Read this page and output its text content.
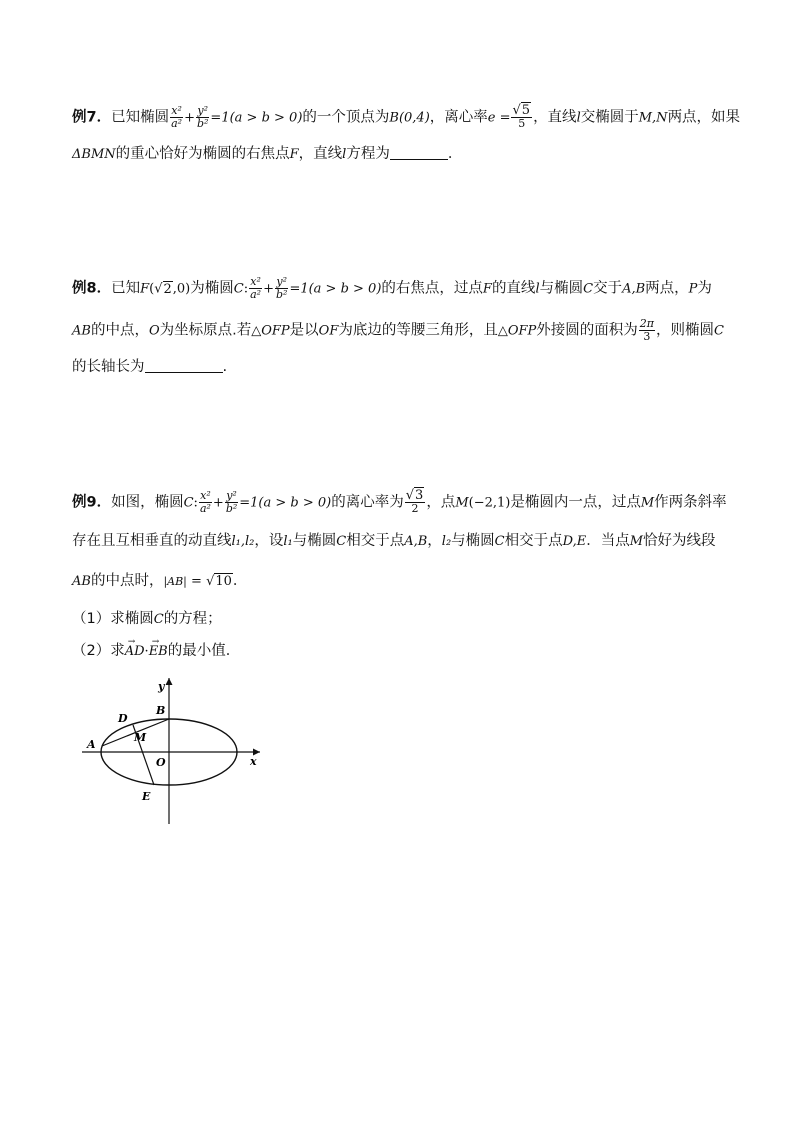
例7．已知椭圆 $\frac{\text{x²}}{\text{a²}} + \frac{\text{y²}}{\text{b²}} =1(a > b > 0)$的一个顶点为B(0,4)，离心率$e = \frac{√5}{5}$ ，直线l交椭圆于M,N两点，如果
ΔBMN的重心恰好为椭圆的右焦点F，直线l方程为	．
例8．已知F(√2,0)为椭圆C: $\frac{\text{x²}}{\text{a²}} + \frac{\text{y²}}{\text{b²}} =1(a > b > 0)$的右焦点，过点F的直线l与椭圆C交于A,B两点，P为
AB的中点，O为坐标原点.若△OFP是以OF为底边的等腰三角形，且△OFP外接圆的面积为 $\frac{2\pi}{3}$ ，则椭圆C
的长轴长为	.
例9．如图，椭圆C: $\frac{\text{x²}}{\text{a²}} + \frac{\text{y²}}{\text{b²}} =1(a > b > 0)$的离心率为 $\frac{√3}{2}$ ，点M(−2,1)是椭圆内一点，过点M作两条斜率
存在且互相垂直的动直线l₁,l₂，设l₁与椭圆C相交于点A,B，l₂与椭圆C相交于点D,E．当点M恰好为线段
AB的中点时，|AB| = √10．
（1）求椭圆C的方程；
（2）求→ AD·→ EB的最小值．
y
x
O
A
B
D
M
E
